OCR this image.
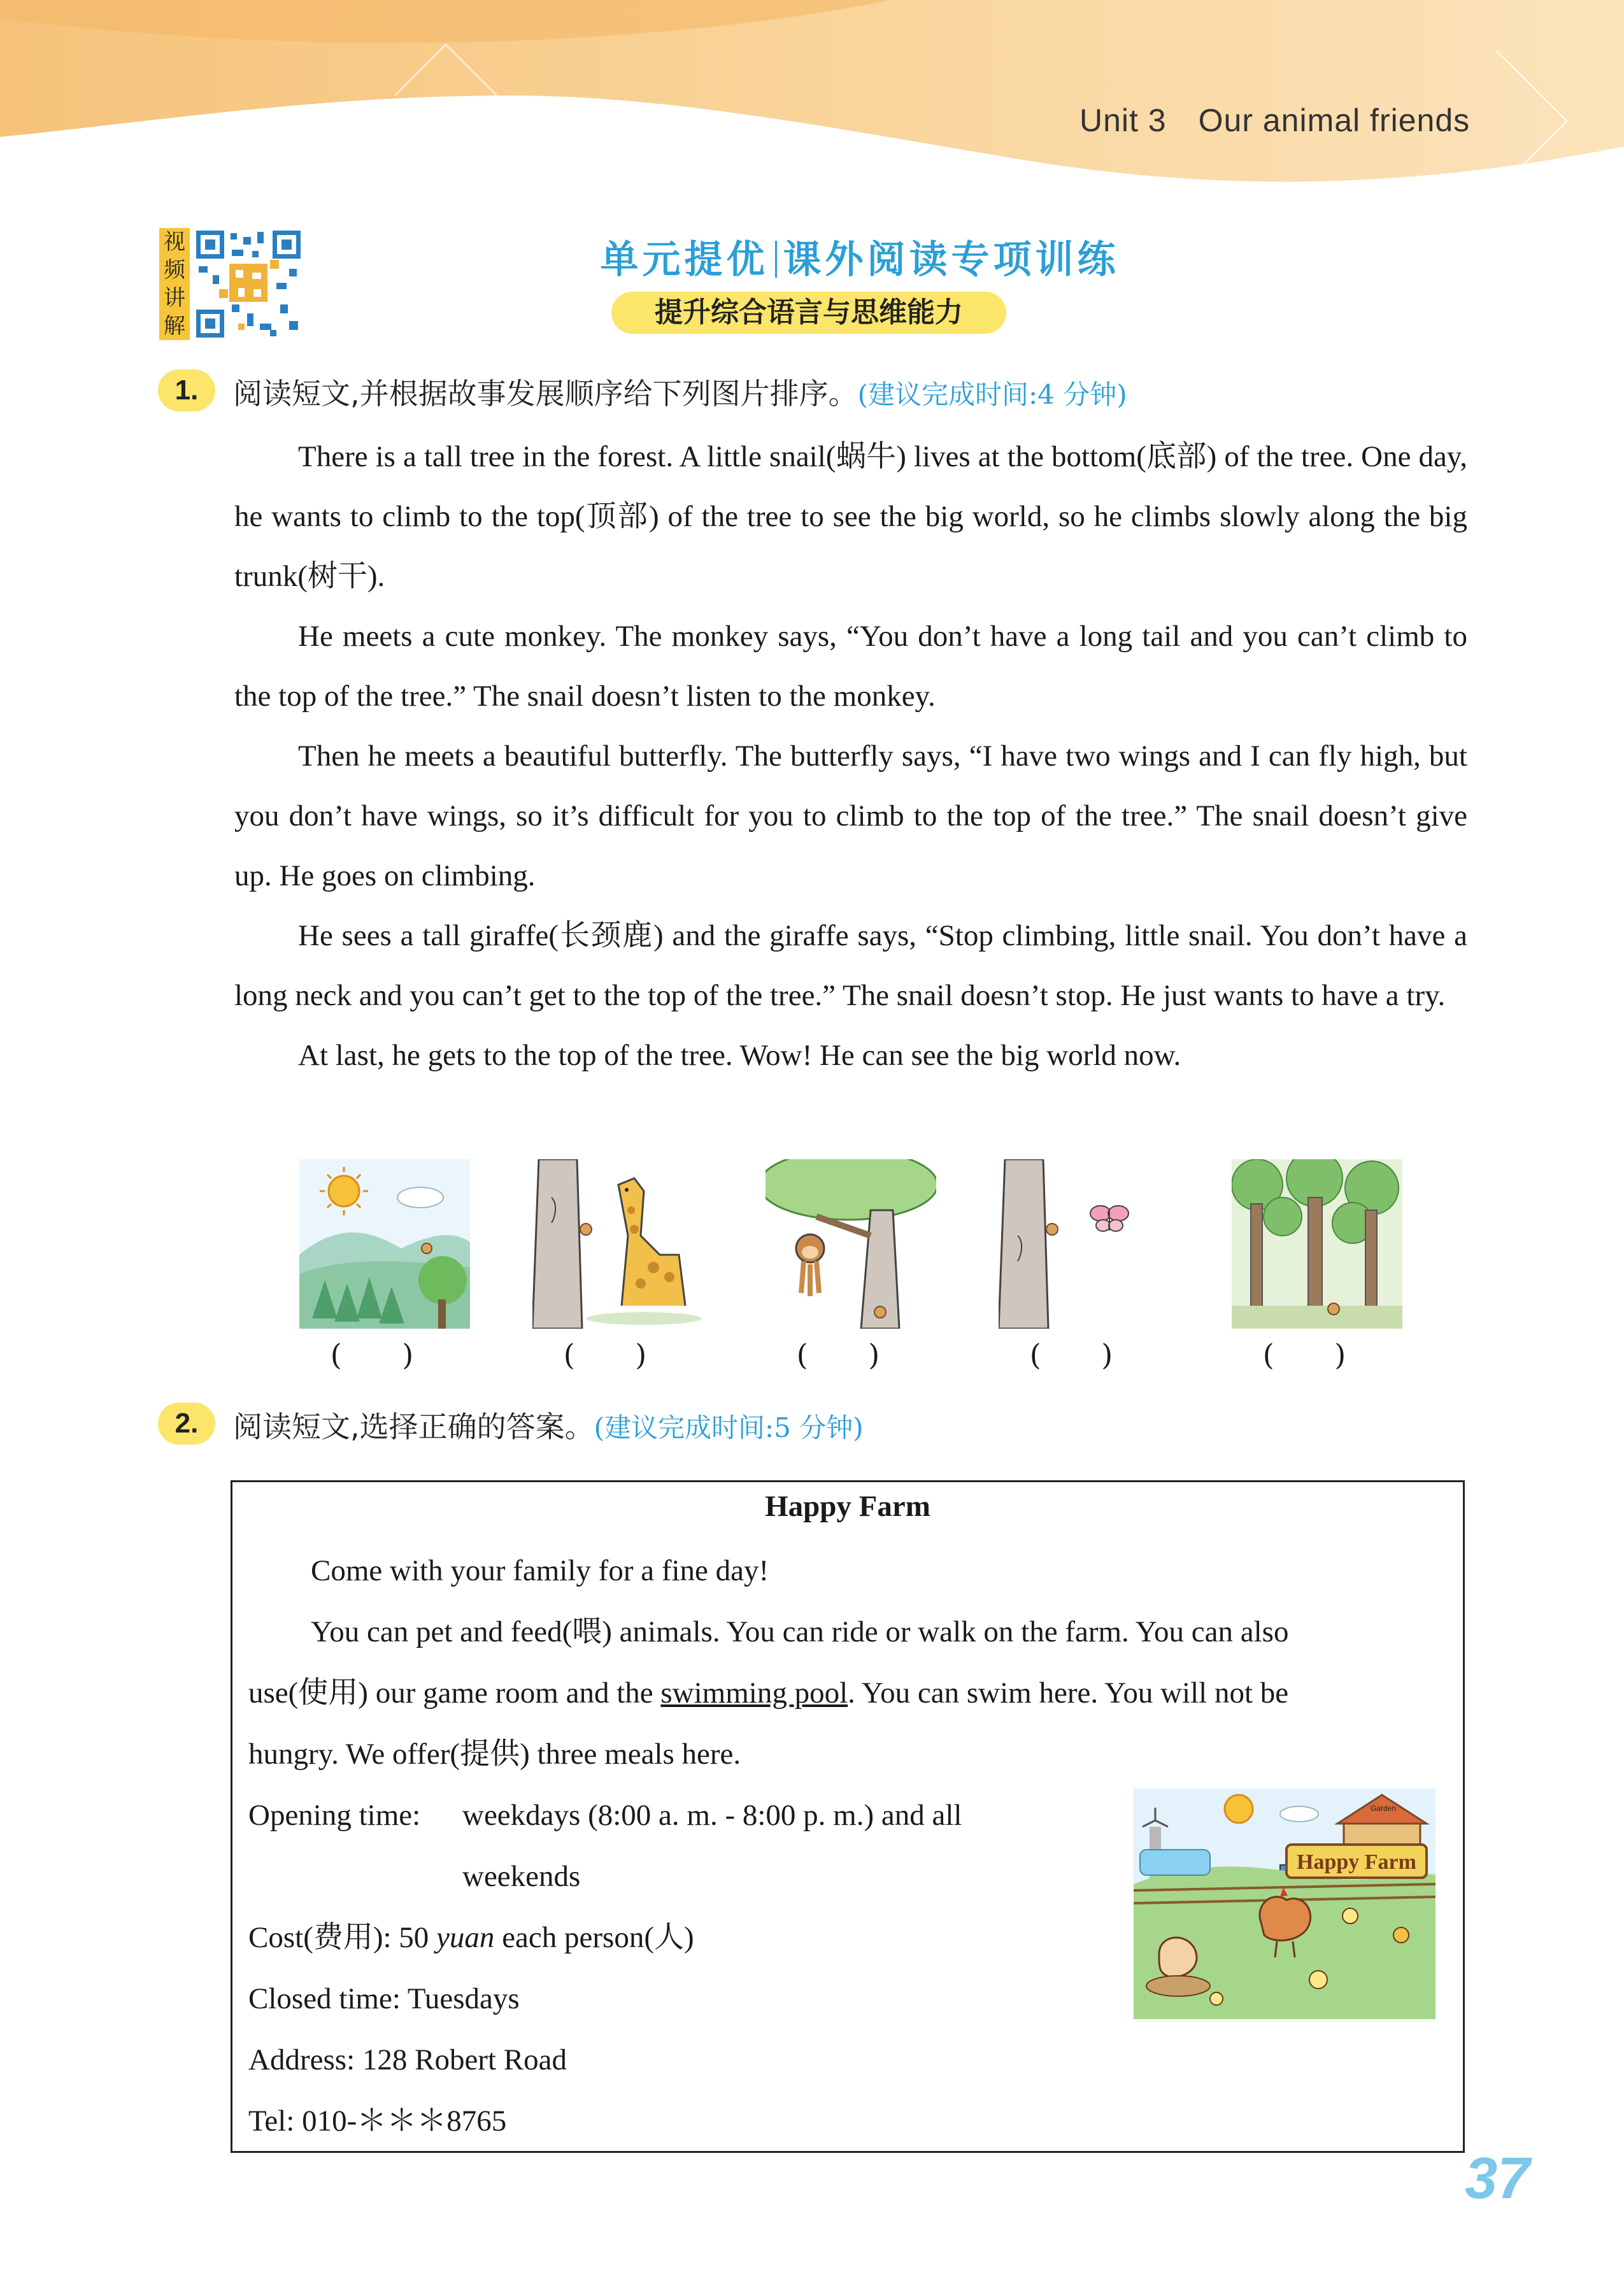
Unit 3 Our animal friends
视
频
讲
解
单元提优 课外阅读专项训练
提升综合语言与思维能力
1.	阅读短文,并根据故事发展顺序给下列图片排序。(建议完成时间:4 分钟)

There is a tall tree in the forest. A little snail(蜗牛) lives at the bottom(底部) of the tree. One day, he wants to climb to the top(顶部) of the tree to see the big world, so he climbs slowly along the big trunk(树干).

He meets a cute monkey. The monkey says, “You don’t have a long tail and you can’t climb to the top of the tree.” The snail doesn’t listen to the monkey.

Then he meets a beautiful butterfly. The butterfly says, “I have two wings and I can fly high, but you don’t have wings, so it’s difficult for you to climb to the top of the tree.” The snail doesn’t give up. He goes on climbing.

He sees a tall giraffe(长颈鹿) and the giraffe says, “Stop climbing, little snail. You don’t have a long neck and you can’t get to the top of the tree.” The snail doesn’t stop. He just wants to have a try.

At last, he gets to the top of the tree. Wow! He can see the big world now.

( )	( )	( )	( )	( )
2.	阅读短文,选择正确的答案。(建议完成时间:5 分钟)
Happy Farm
Come with your family for a fine day!
You can pet and feed(喂) animals. You can ride or walk on the farm. You can also
use(使用) our game room and the swimming pool. You can swim here. You will not be
hungry. We offer(提供) three meals here.
Opening time: weekdays (8:00 a. m. - 8:00 p. m.) and all
weekends
Cost(费用): 50 yuan each person(人)
Closed time: Tuesdays
Address: 128 Robert Road
Tel: 010-＊＊＊8765
Garden
Happy Farm
37
